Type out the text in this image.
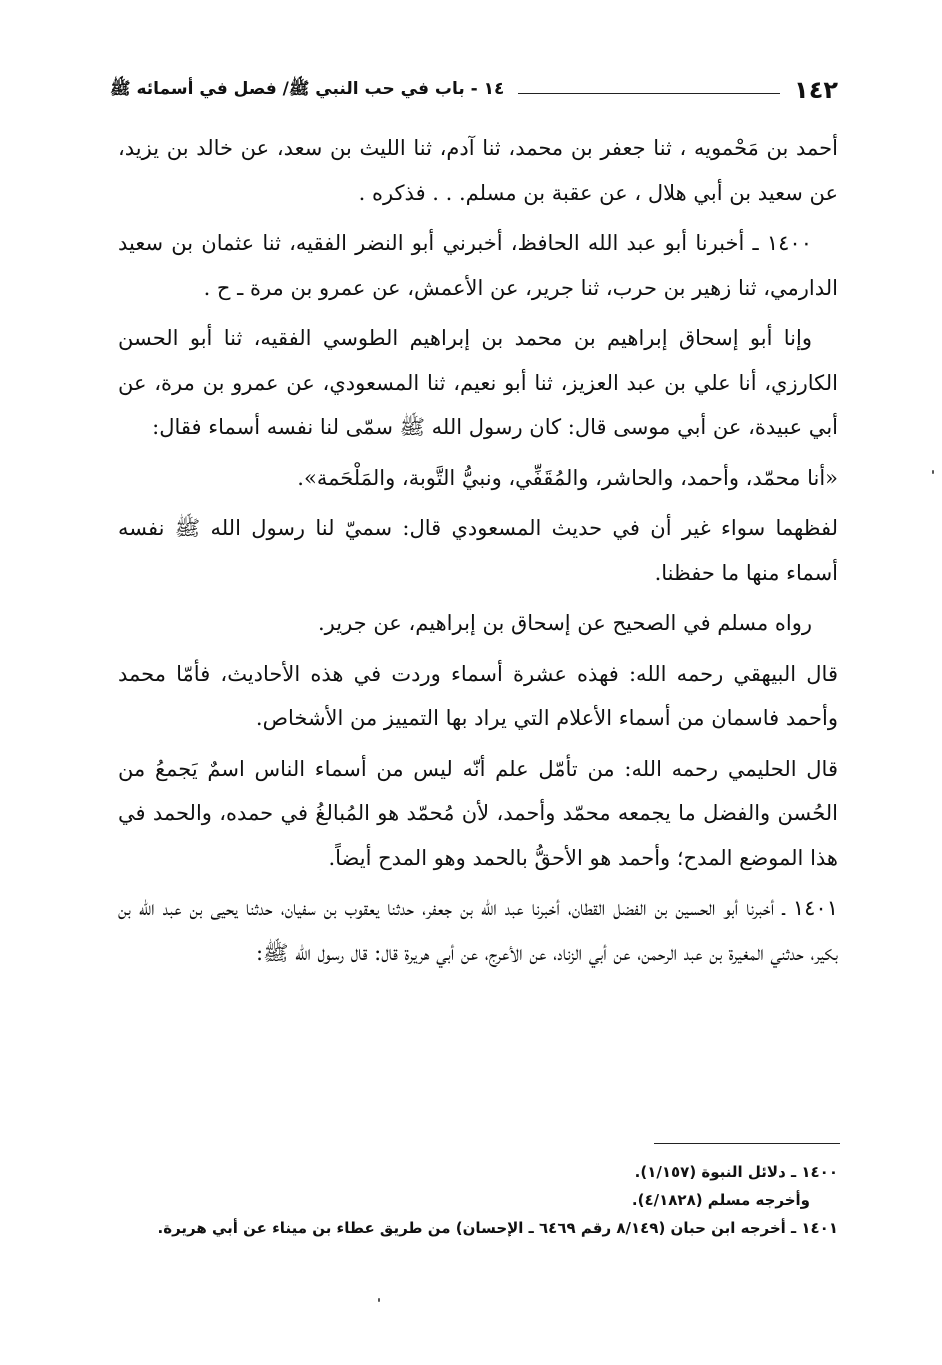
١٤٢
١٤ - باب في حب النبي ﷺ/ فصل في أسمائه ﷺ

أحمد بن مَحْمويه ، ثنا جعفر بن محمد، ثنا آدم، ثنا الليث بن سعد، عن خالد بن يزيد، عن سعيد بن أبي هلال ، عن عقبة بن مسلم. . . فذكره .

١٤٠٠ ـ أخبرنا أبو عبد الله الحافظ، أخبرني أبو النضر الفقيه، ثنا عثمان بن سعيد الدارمي، ثنا زهير بن حرب، ثنا جرير، عن الأعمش، عن عمرو بن مرة ـ ح .

وإنا أبو إسحاق إبراهيم بن محمد بن إبراهيم الطوسي الفقيه، ثنا أبو الحسن الكارزي، أنا علي بن عبد العزيز، ثنا أبو نعيم، ثنا المسعودي، عن عمرو بن مرة، عن أبي عبيدة، عن أبي موسى قال: كان رسول الله ﷺ سمّى لنا نفسه أسماء فقال:

«أنا محمّد، وأحمد، والحاشر، والمُقَفِّي، ونبيُّ التَّوبة، والمَلْحَمة».

لفظهما سواء غير أن في حديث المسعودي قال: سميّ لنا رسول الله ﷺ نفسه أسماء منها ما حفظنا.

رواه مسلم في الصحيح عن إسحاق بن إبراهيم، عن جرير.

قال البيهقي رحمه الله: فهذه عشرة أسماء وردت في هذه الأحاديث، فأمّا محمد وأحمد فاسمان من أسماء الأعلام التي يراد بها التمييز من الأشخاص.

قال الحليمي رحمه الله: من تأمّل علم أنّه ليس من أسماء الناس اسمٌ يَجمعُ من الحُسن والفضل ما يجمعه محمّد وأحمد، لأن مُحمّد هو المُبالغُ في حمده، والحمد في هذا الموضع المدح؛ وأحمد هو الأحقُّ بالحمد وهو المدح أيضاً.

١٤٠١ ـ أخبرنا أبو الحسين بن الفضل القطان، أخبرنا عبد الله بن جعفر، حدثنا يعقوب بن سفيان، حدثنا يحيى بن عبد الله بن بكير، حدثني المغيرة بن عبد الرحمن، عن أبي الزناد، عن الأعرج، عن أبي هريرة قال: قال رسول الله ﷺ:

١٤٠٠ ـ دلائل النبوة (١/١٥٧).

وأخرجه مسلم (٤/١٨٢٨).

١٤٠١ ـ أخرجه ابن حبان (٨/١٤٩ رقم ٦٤٦٩ ـ الإحسان) من طريق عطاء بن ميناء عن أبي هريرة.
